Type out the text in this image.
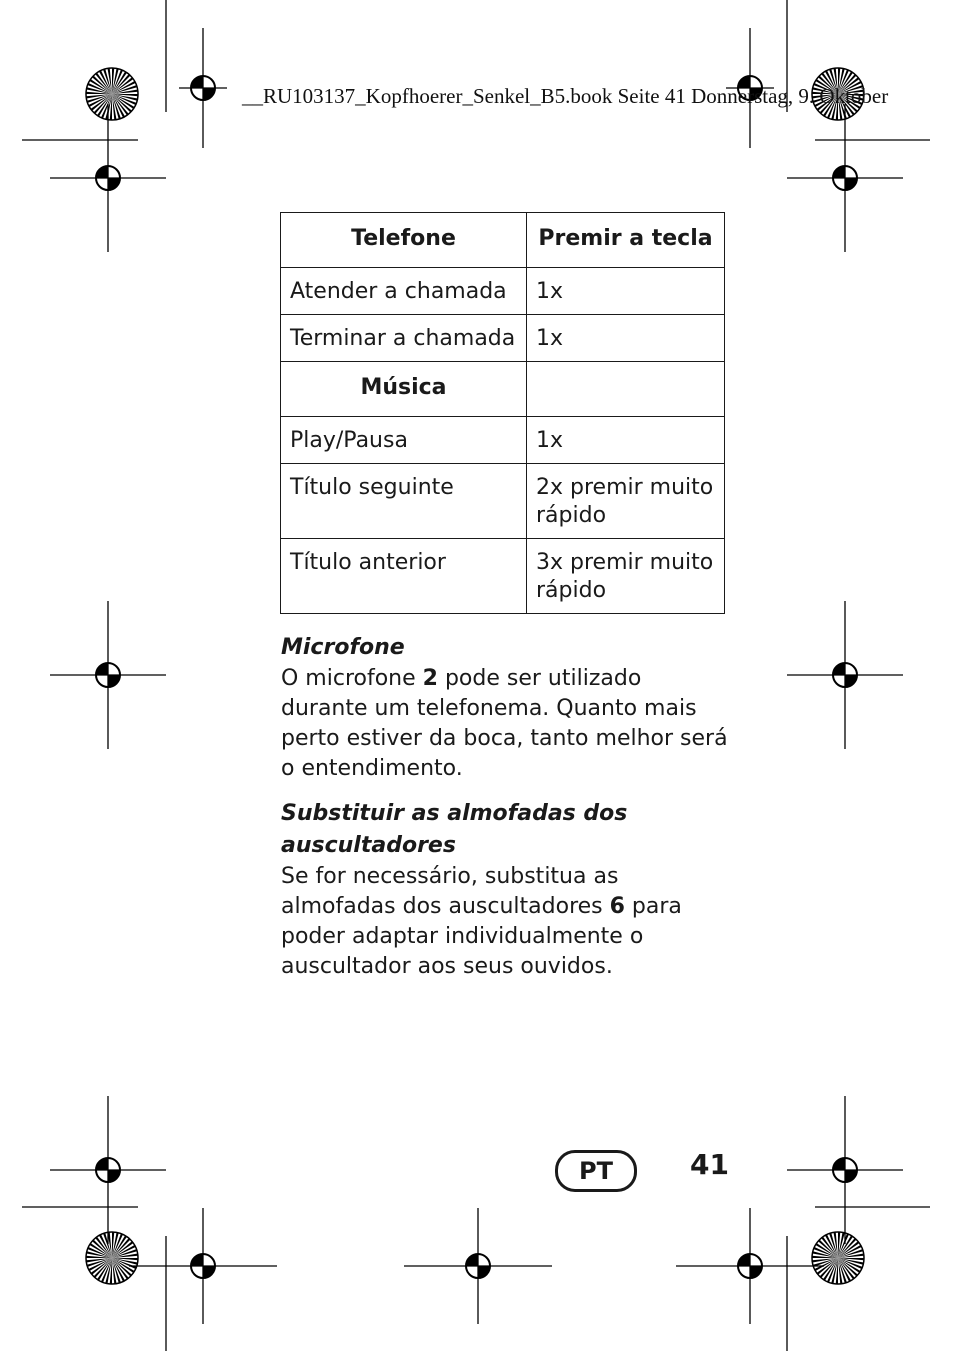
__RU103137_Kopfhoerer_Senkel_B5.book Seite 41 Donnerstag, 9. Oktober
Telefone	Premir a tecla
Atender a chamada	1x
Terminar a chamada	1x
Música	
Play/Pausa	1x
Título seguinte	2x premir muito rápido
Título anterior	3x premir muito rápido
Microfone

O microfone 2 pode ser utilizado durante um telefonema. Quanto mais perto estiver da boca, tanto melhor será o entendimento.

Substituir as almofadas dos auscultadores

Se for necessário, substitua as almofadas dos auscultadores 6 para poder adaptar individualmente o auscultador aos seus ouvidos.

PT	41
